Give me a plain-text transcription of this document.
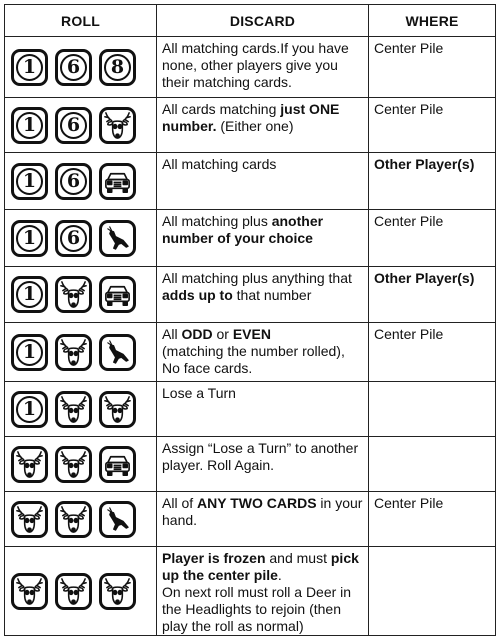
ROLL	DISCARD	WHERE

1 6 8	All matching cards.If you have none, other players give you their matching cards.	Center Pile

1 6	All cards matching just ONE number. (Either one)	Center Pile

1 6	All matching cards	Other Player(s)

1 6	All matching plus another number of your choice	Center Pile

1	All matching plus anything that adds up to that number	Other Player(s)

1	All ODD or EVEN
(matching the number rolled),
No face cards.	Center Pile

1	Lose a Turn	

	Assign “Lose a Turn” to another player. Roll Again.	

	All of ANY TWO CARDS in your hand.	Center Pile

	Player is frozen and must pick up the center pile.
On next roll must roll a Deer in the Headlights to rejoin (then play the roll as normal)	
